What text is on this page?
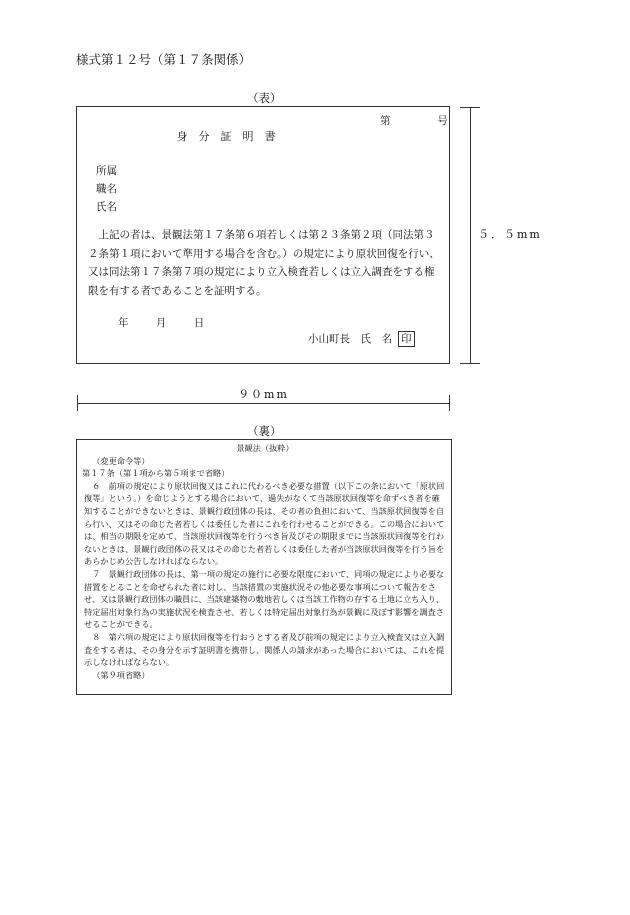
様式第１２号（第１７条関係）
（表）
第	号
身　分　証　明　書
所属
職名
氏名
上記の者は、景観法第１７条第６項若しくは第２３条第２項（同法第３２条第１項において準用する場合を含む。）の規定により原状回復を行い、又は同法第１７条第７項の規定により立入検査若しくは立入調査をする権限を有する者であることを証明する。
年	月	日
小山町長　氏　名 印
５．５mm
９０mm
（裏）

景観法（抜粋）

（変更命令等）

第１７条（第１項から第５項まで省略）

６　前項の規定により原状回復又はこれに代わるべき必要な措置（以下この条において「原状回復等」という。）を命じようとする場合において、過失がなくて当該原状回復等を命ずべき者を確知することができないときは、景観行政団体の長は、その者の負担において、当該原状回復等を自ら行い、又はその命じた者若しくは委任した者にこれを行わせることができる。この場合においては、相当の期限を定めて、当該原状回復等を行うべき旨及びその期限までに当該原状回復等を行わないときは、景観行政団体の長又はその命じた者若しくは委任した者が当該原状回復等を行う旨をあらかじめ公告しなければならない。

７　景観行政団体の長は、第一項の規定の施行に必要な限度において、同項の規定により必要な措置をとることを命ぜられた者に対し、当該措置の実施状況その他必要な事項について報告をさせ、又は景観行政団体の職員に、当該建築物の敷地若しくは当該工作物の存する土地に立ち入り、特定届出対象行為の実施状況を検査させ、若しくは特定届出対象行為が景観に及ぼす影響を調査させることができる。

８　第六項の規定により原状回復等を行おうとする者及び前項の規定により立入検査又は立入調査をする者は、その身分を示す証明書を携帯し、関係人の請求があった場合においては、これを提示しなければならない。

（第９項省略）
